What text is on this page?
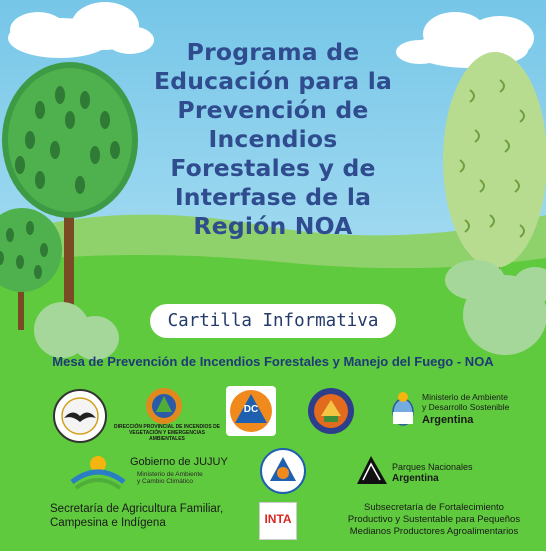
Programa de
Educación para la
Prevención de
Incendios
Forestales y de
Interfase de la
Región NOA
Cartilla Informativa
Mesa de Prevención de Incendios Forestales y Manejo del Fuego - NOA
DIRECCIÓN PROVINCIAL DE INCENDIOS DE VEGETACIÓN Y EMERGENCIAS AMBIENTALES
DC
Ministerio de Ambiente
y Desarrollo Sostenible
Argentina
Gobierno de JUJUY
Ministerio de Ambiente
y Cambio Climático
Parques Nacionales
Argentina
Secretaría de Agricultura Familiar,
Campesina e Indígena	INTA
Subsecretaría de Fortalecimiento
Productivo y Sustentable para Pequeños
Medianos Productores Agroalimentarios
